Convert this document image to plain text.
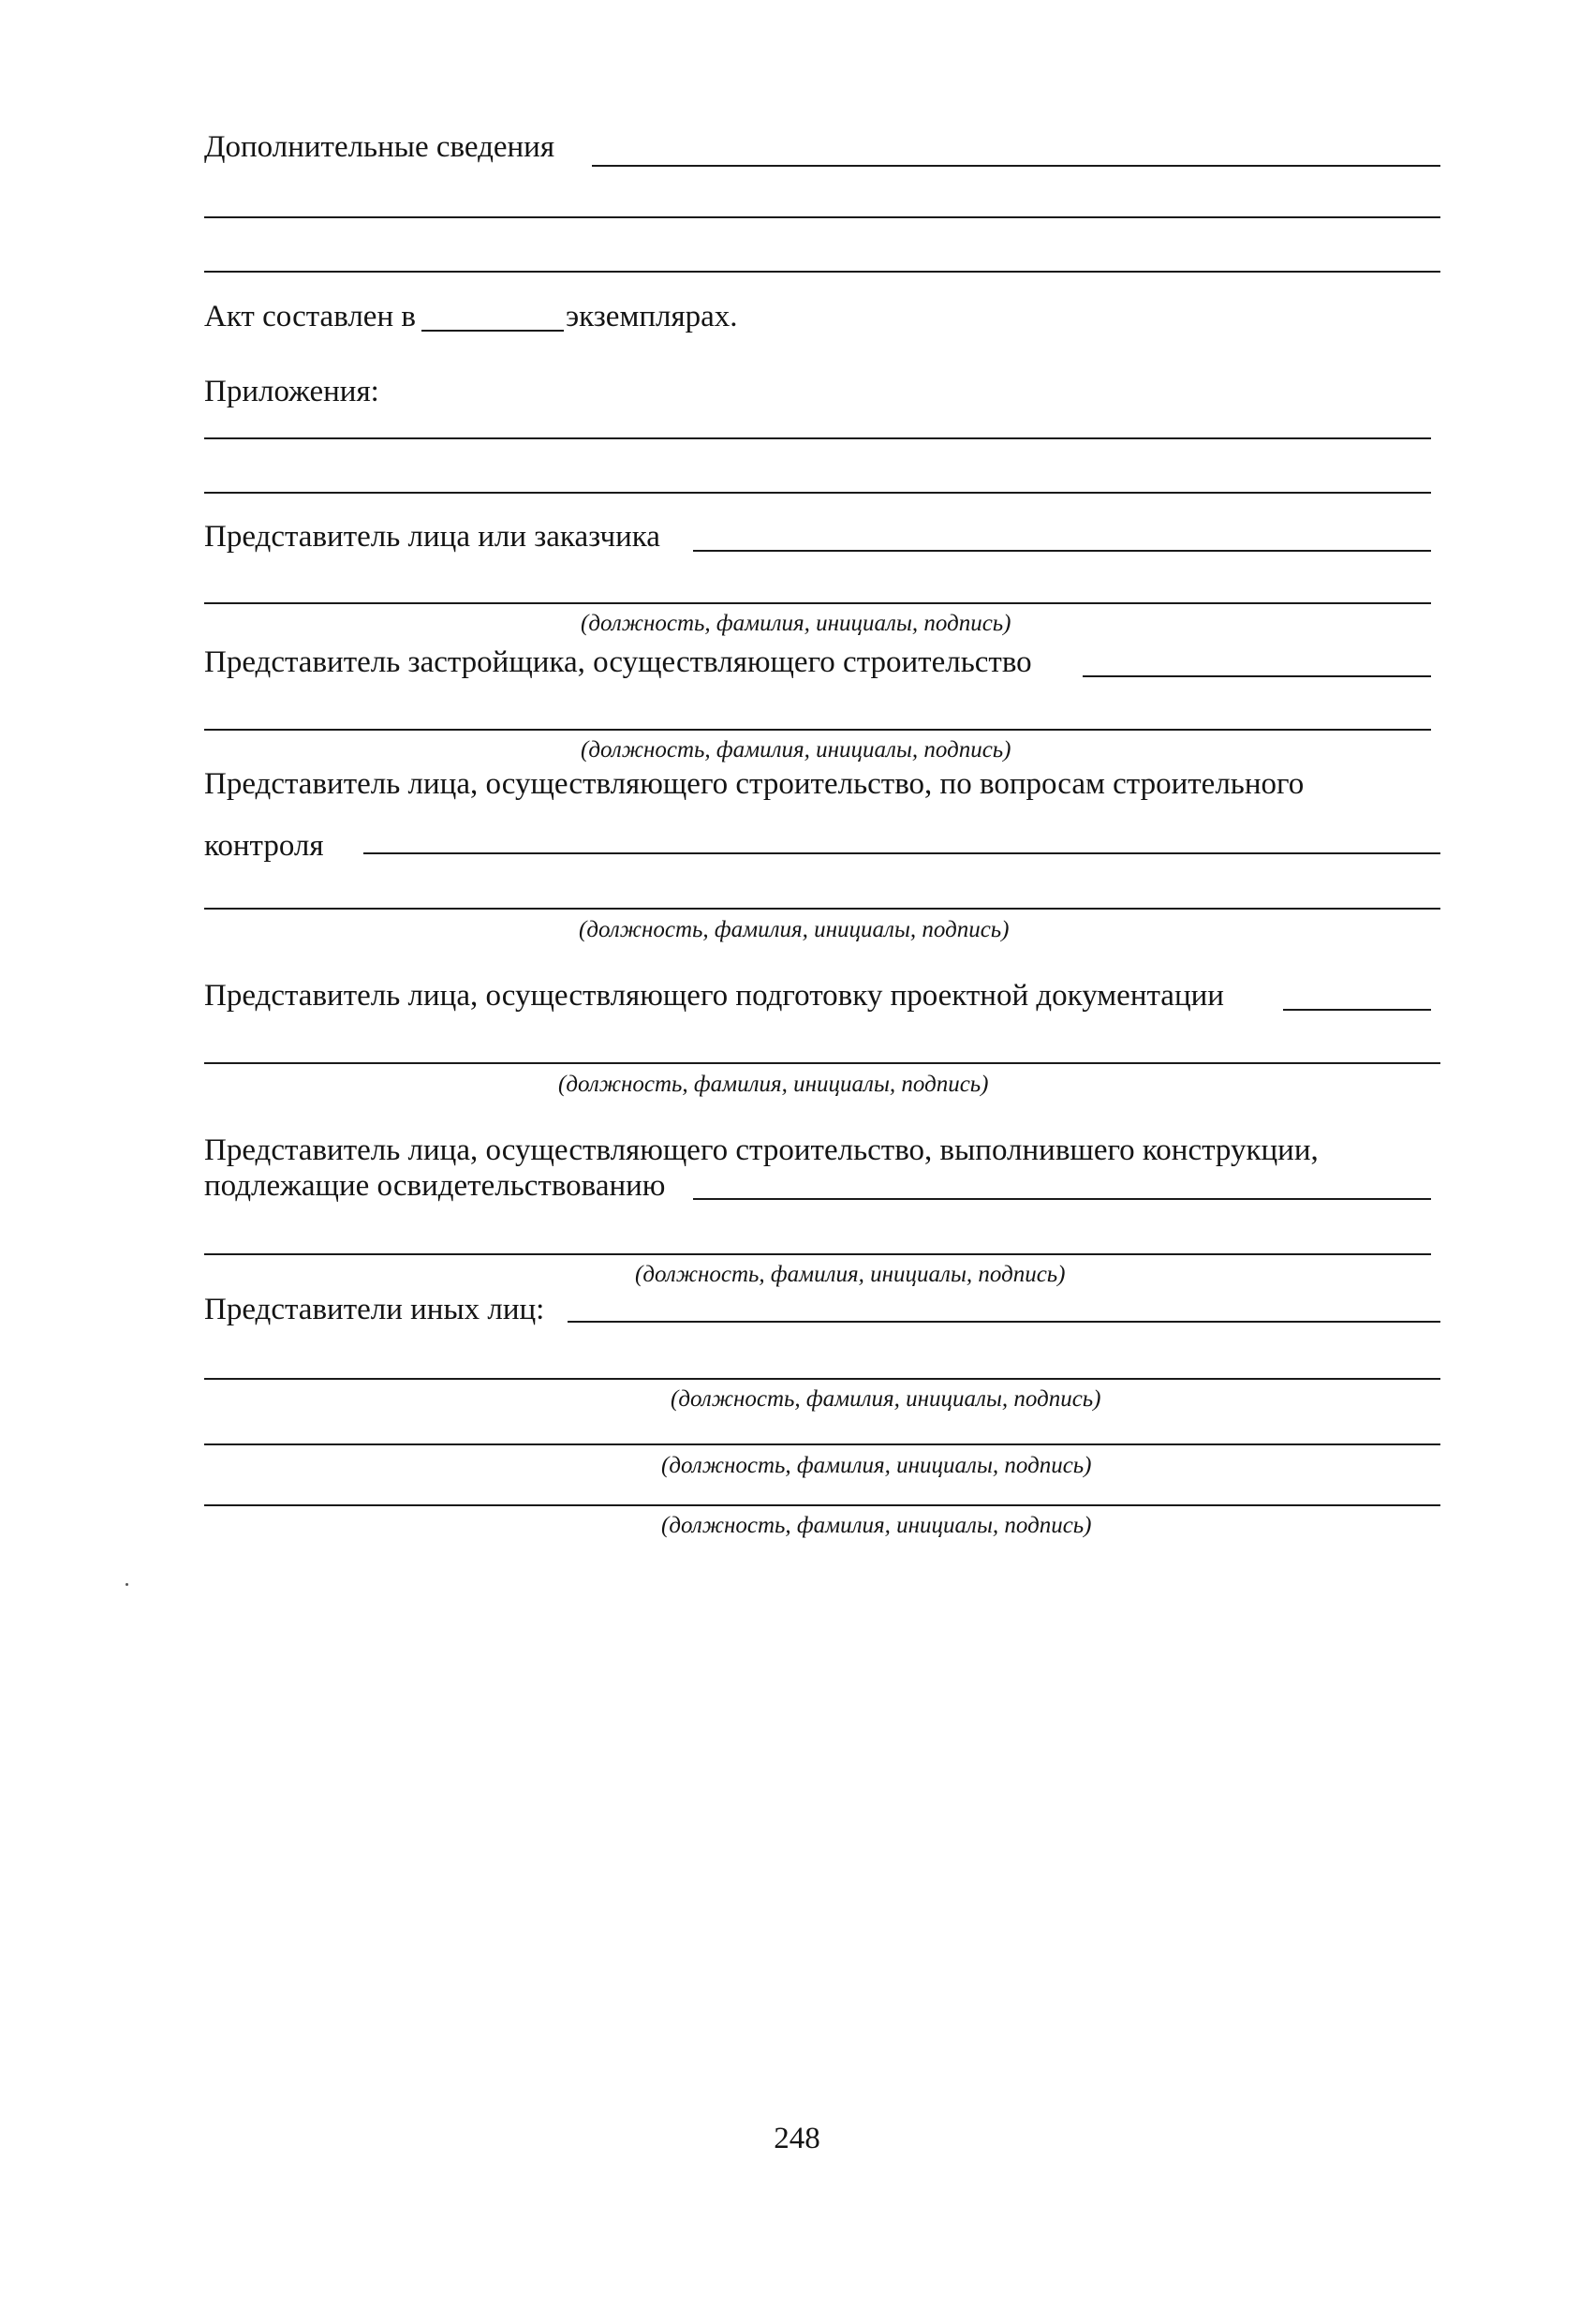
Дополнительные сведения
Акт составлен в	экземплярах.
Приложения:
Представитель лица или заказчика
(должность, фамилия, инициалы, подпись)
Представитель застройщика, осуществляющего строительство
(должность, фамилия, инициалы, подпись)
Представитель лица, осуществляющего строительство, по вопросам строительного
контроля
(должность, фамилия, инициалы, подпись)
Представитель лица, осуществляющего подготовку проектной документации
(должность, фамилия, инициалы, подпись)
Представитель лица, осуществляющего строительство, выполнившего конструкции,
подлежащие освидетельствованию
(должность, фамилия, инициалы, подпись)
Представители иных лиц:
(должность, фамилия, инициалы, подпись)
(должность, фамилия, инициалы, подпись)
(должность, фамилия, инициалы, подпись)
248
